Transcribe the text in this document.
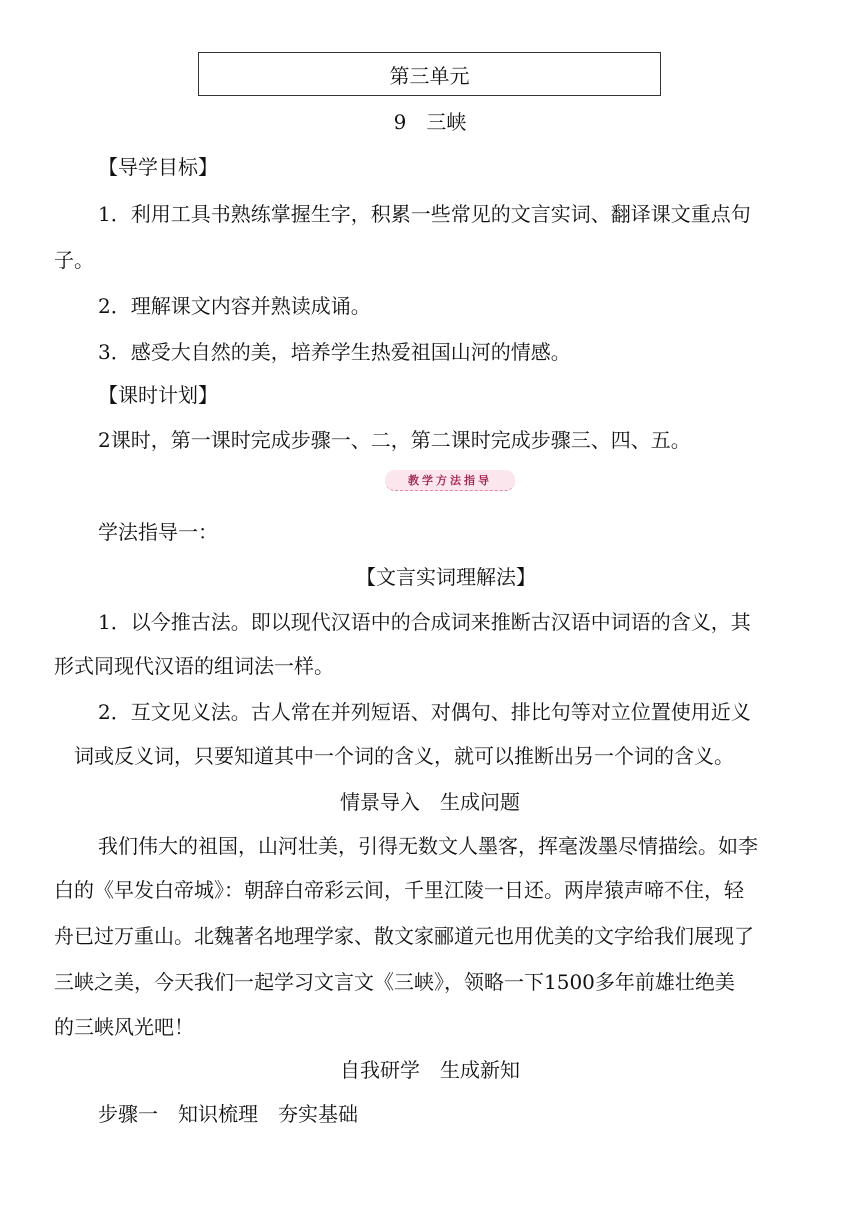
第三单元
9　三峡
【导学目标】
1．利用工具书熟练掌握生字，积累一些常见的文言实词、翻译课文重点句
子。
2．理解课文内容并熟读成诵。
3．感受大自然的美，培养学生热爱祖国山河的情感。
【课时计划】
2课时，第一课时完成步骤一、二，第二课时完成步骤三、四、五。
教学方法指导
学法指导一：
【文言实词理解法】
1．以今推古法。即以现代汉语中的合成词来推断古汉语中词语的含义，其
形式同现代汉语的组词法一样。
2．互文见义法。古人常在并列短语、对偶句、排比句等对立位置使用近义
词或反义词，只要知道其中一个词的含义，就可以推断出另一个词的含义。
情景导入　生成问题
我们伟大的祖国，山河壮美，引得无数文人墨客，挥毫泼墨尽情描绘。如李
白的《早发白帝城》：朝辞白帝彩云间，千里江陵一日还。两岸猿声啼不住，轻
舟已过万重山。北魏著名地理学家、散文家郦道元也用优美的文字给我们展现了
三峡之美，今天我们一起学习文言文《三峡》，领略一下1500多年前雄壮绝美
的三峡风光吧！
自我研学　生成新知
步骤一　知识梳理　夯实基础
